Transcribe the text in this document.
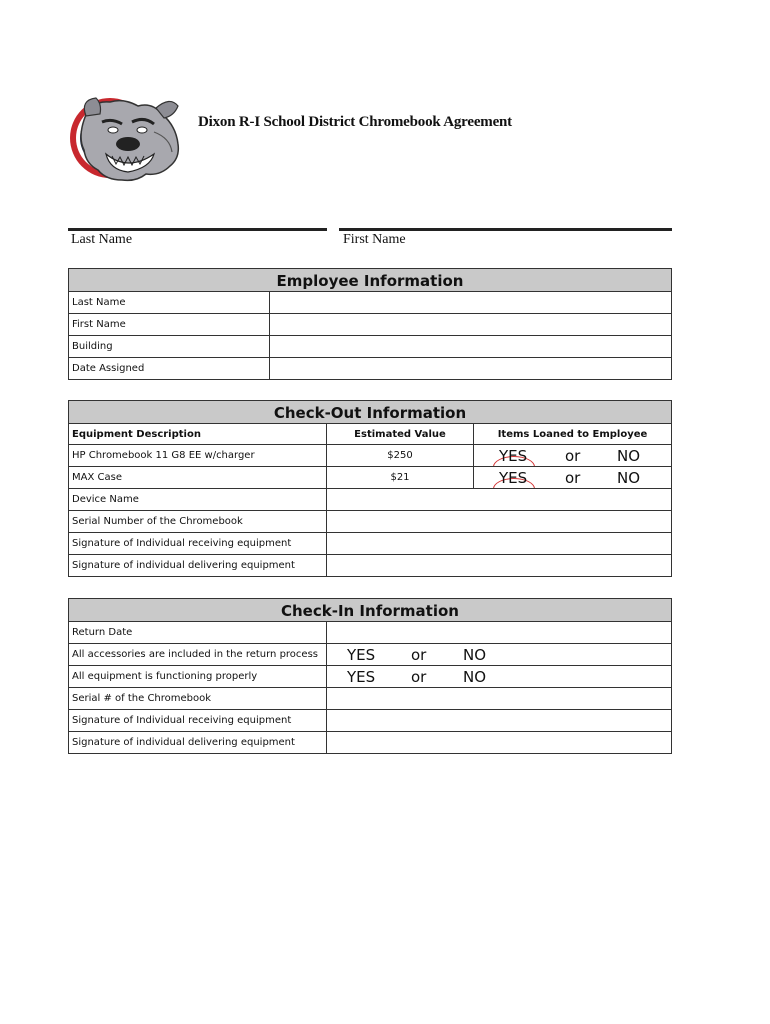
Dixon R-I School District Chromebook Agreement
Last Name	First Name
Employee Information	
Last Name	
First Name	
Building	
Date Assigned	
Check-Out Information		
Equipment Description	Estimated Value	Items Loaned to Employee
HP Chromebook 11 G8 EE w/charger	$250	YES or NO

MAX Case	$21	YES or NO

Device Name		
Serial Number of the Chromebook		
Signature of Individual receiving equipment		
Signature of individual delivering equipment		
Check-In Information	
Return Date	
All accessories are included in the return process	YES or NO

All equipment is functioning properly	YES or NO

Serial # of the Chromebook	
Signature of Individual receiving equipment	
Signature of individual delivering equipment	
